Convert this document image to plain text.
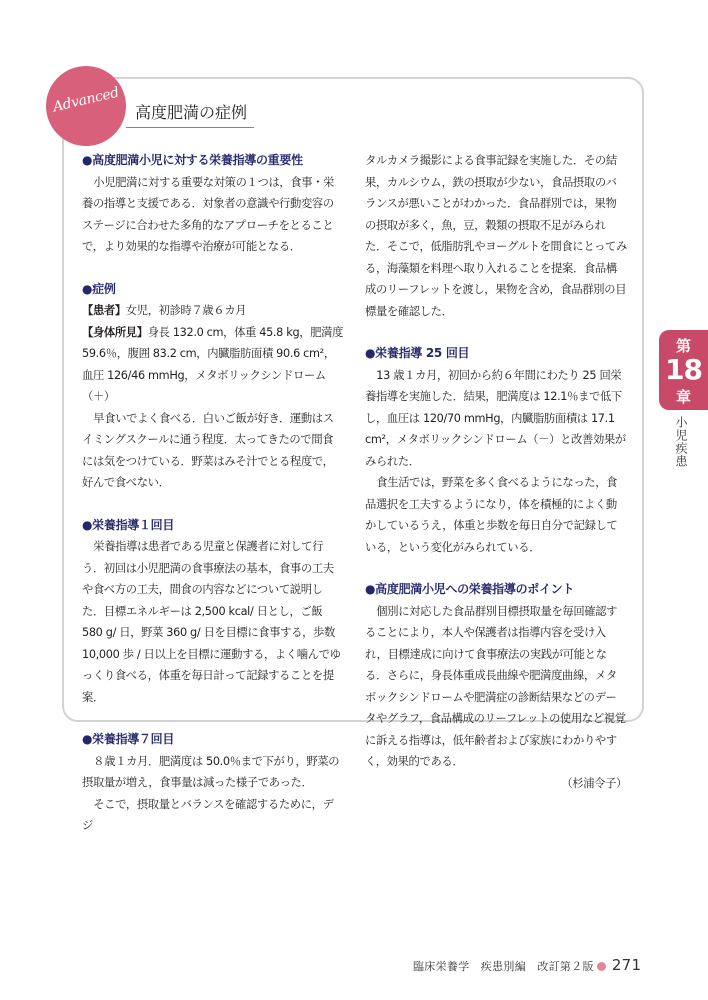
Advanced 高度肥満の症例
●高度肥満小児に対する栄養指導の重要性

小児肥満に対する重要な対策の１つは，食事・栄養の指導と支援である．対象者の意識や行動変容のステージに合わせた多角的なアプローチをとることで，より効果的な指導や治療が可能となる．

●症例

【患者】女児，初診時７歳６カ月

【身体所見】身長 132.0 cm，体重 45.8 kg，肥満度 59.6％，腹囲 83.2 cm，内臓脂肪面積 90.6 cm²，血圧 126/46 mmHg，メタボリックシンドローム（＋）

早食いでよく食べる．白いご飯が好き．運動はスイミングスクールに通う程度．太ってきたので間食には気をつけている．野菜はみそ汁でとる程度で，好んで食べない．

●栄養指導１回目

栄養指導は患者である児童と保護者に対して行う．初回は小児肥満の食事療法の基本，食事の工夫や食べ方の工夫，間食の内容などについて説明した．目標エネルギーは 2,500 kcal/ 日とし，ご飯 580 g/ 日，野菜 360 g/ 日を目標に食事する，歩数 10,000 歩 / 日以上を目標に運動する，よく噛んでゆっくり食べる，体重を毎日計って記録することを提案．

●栄養指導７回目

８歳１カ月．肥満度は 50.0％まで下がり，野菜の摂取量が増え，食事量は減った様子であった．

そこで，摂取量とバランスを確認するために，デジ

タルカメラ撮影による食事記録を実施した．その結果，カルシウム，鉄の摂取が少ない，食品摂取のバランスが悪いことがわかった．食品群別では，果物の摂取が多く，魚，豆，穀類の摂取不足がみられた．そこで，低脂肪乳やヨーグルトを間食にとってみる，海藻類を料理へ取り入れることを提案．食品構成のリーフレットを渡し，果物を含め，食品群別の目標量を確認した．

●栄養指導 25 回目

13 歳１カ月，初回から約６年間にわたり 25 回栄養指導を実施した．結果，肥満度は 12.1％まで低下し，血圧は 120/70 mmHg，内臓脂肪面積は 17.1 cm²，メタボリックシンドローム（－）と改善効果がみられた．

食生活では，野菜を多く食べるようになった，食品選択を工夫するようになり，体を積極的によく動かしているうえ，体重と歩数を毎日自分で記録している，という変化がみられている．

●高度肥満小児への栄養指導のポイント

個別に対応した食品群別目標摂取量を毎回確認することにより，本人や保護者は指導内容を受け入れ，目標達成に向けて食事療法の実践が可能となる．さらに，身長体重成長曲線や肥満度曲線，メタボックシンドロームや肥満症の診断結果などのデータやグラフ，食品構成のリーフレットの使用など視覚に訴える指導は，低年齢者および家族にわかりやすく，効果的である．

（杉浦令子）

第
18
章
小児疾患
臨床栄養学　疾患別編　改訂第２版 271
